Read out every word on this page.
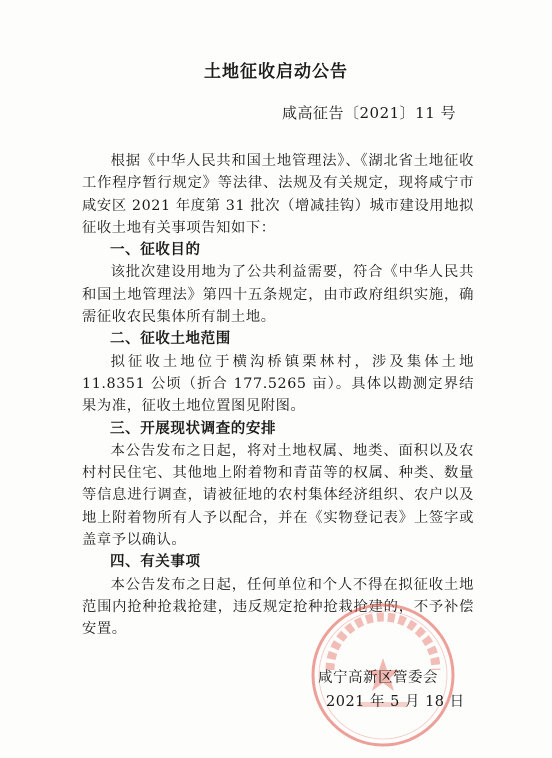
土地征收启动公告
咸高征告〔2021〕11 号

根据《中华人民共和国土地管理法》、《湖北省土地征收工作程序暂行规定》等法律、法规及有关规定，现将咸宁市咸安区 2021 年度第 31 批次（增减挂钩）城市建设用地拟征收土地有关事项告知如下：

一、征收目的

该批次建设用地为了公共利益需要，符合《中华人民共和国土地管理法》第四十五条规定，由市政府组织实施，确需征收农民集体所有制土地。

二、征收土地范围

拟征收土地位于横沟桥镇栗林村，涉及集体土地 11.8351 公顷（折合 177.5265 亩）。具体以勘测定界结果为准，征收土地位置图见附图。

三、开展现状调查的安排

本公告发布之日起，将对土地权属、地类、面积以及农村村民住宅、其他地上附着物和青苗等的权属、种类、数量等信息进行调查，请被征地的农村集体经济组织、农户以及地上附着物所有人予以配合，并在《实物登记表》上签字或盖章予以确认。

四、有关事项

本公告发布之日起，任何单位和个人不得在拟征收土地范围内抢种抢栽抢建，违反规定抢种抢栽抢建的，不予补偿安置。

咸宁高新区管委会
2021 年 5 月 18 日
